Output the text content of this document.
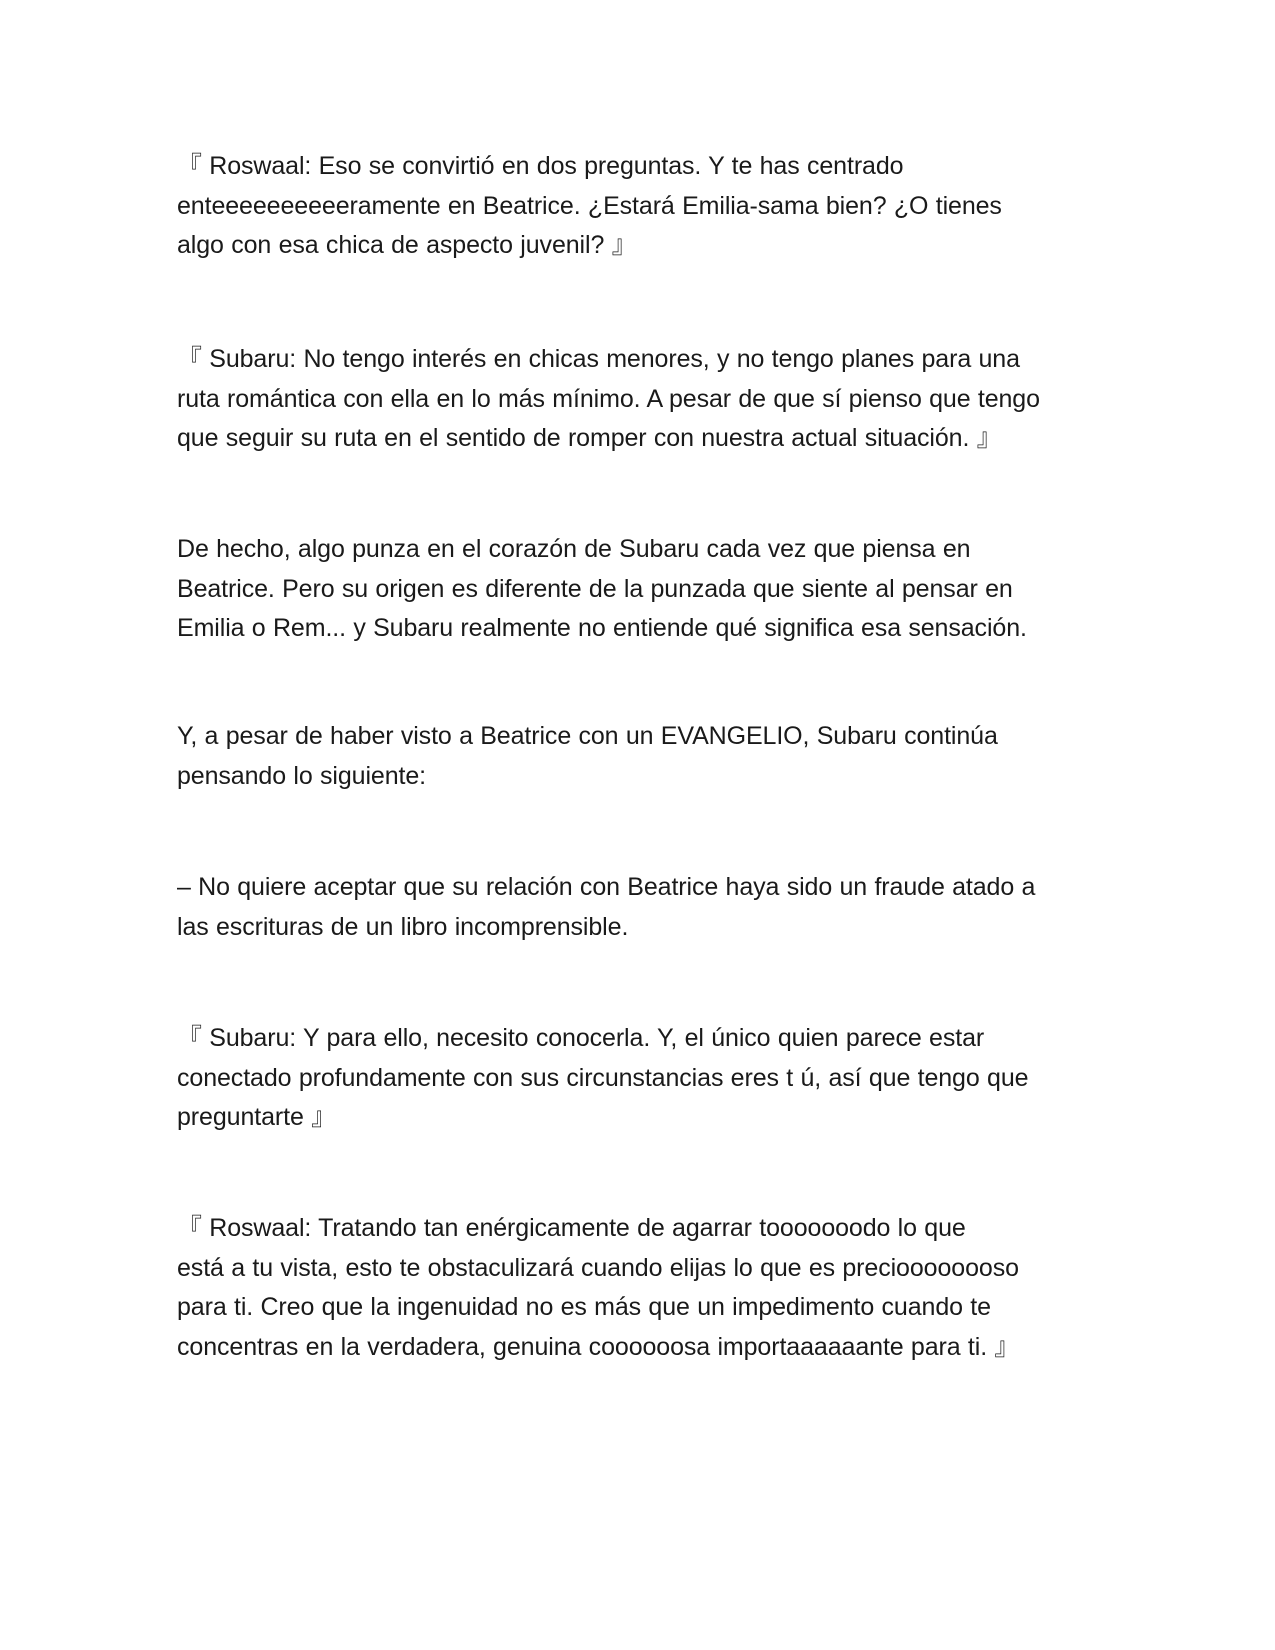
『 Roswaal: Eso se convirtió en dos preguntas. Y te has centrado
enteeeeeeeeeeramente en Beatrice. ¿Estará Emilia-sama bien? ¿O tienes
algo con esa chica de aspecto juvenil? 』

『 Subaru: No tengo interés en chicas menores, y no tengo planes para una
ruta romántica con ella en lo más mínimo. A pesar de que sí pienso que tengo
que seguir su ruta en el sentido de romper con nuestra actual situación. 』

De hecho, algo punza en el corazón de Subaru cada vez que piensa en
Beatrice. Pero su origen es diferente de la punzada que siente al pensar en
Emilia o Rem... y Subaru realmente no entiende qué significa esa sensación.

Y, a pesar de haber visto a Beatrice con un EVANGELIO, Subaru continúa
pensando lo siguiente:

– No quiere aceptar que su relación con Beatrice haya sido un fraude atado a
las escrituras de un libro incomprensible.

『 Subaru: Y para ello, necesito conocerla. Y, el único quien parece estar
conectado profundamente con sus circunstancias eres t ú, así que tengo que
preguntarte 』

『 Roswaal: Tratando tan enérgicamente de agarrar tooooooodo lo que
está a tu vista, esto te obstaculizará cuando elijas lo que es precioooooooso
para ti. Creo que la ingenuidad no es más que un impedimento cuando te
concentras en la verdadera, genuina coooooosa importaaaaaante para ti. 』
